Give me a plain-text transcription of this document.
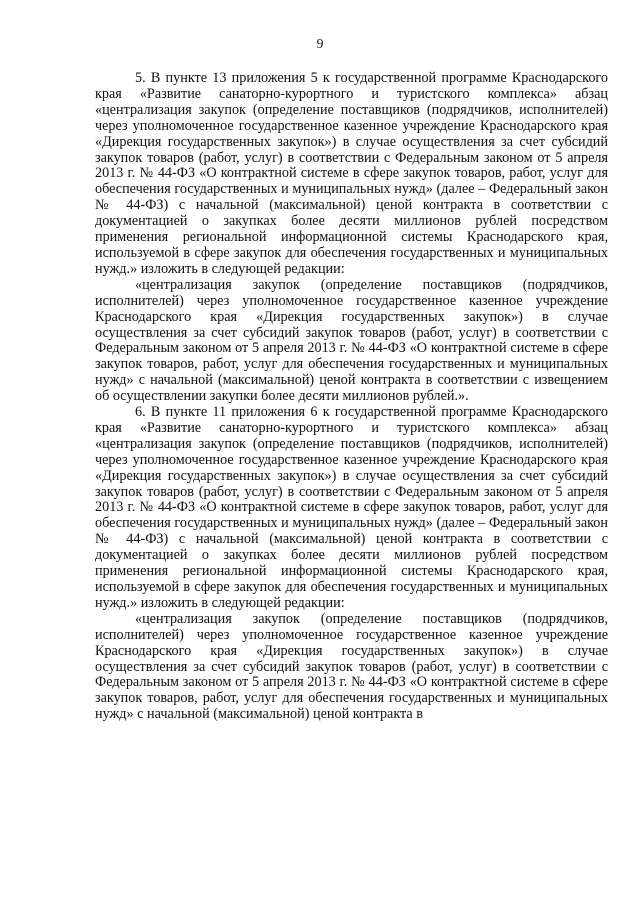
9

5. В пункте 13 приложения 5 к государственной программе Краснодарского края «Развитие санаторно-курортного и туристского комплекса» абзац «централизация закупок (определение поставщиков (подрядчиков, исполнителей) через уполномоченное государственное казенное учреждение Краснодарского края «Дирекция государственных закупок») в случае осуществления за счет субсидий закупок товаров (работ, услуг) в соответствии с Федеральным законом от 5 апреля 2013 г. № 44-ФЗ «О контрактной системе в сфере закупок товаров, работ, услуг для обеспечения государственных и муниципальных нужд» (далее – Федеральный закон № 44-ФЗ) с начальной (максимальной) ценой контракта в соответствии с документацией о закупках более десяти миллионов рублей посредством применения региональной информационной системы Краснодарского края, используемой в сфере закупок для обеспечения государственных и муниципальных нужд.» изложить в следующей редакции:

«централизация закупок (определение поставщиков (подрядчиков, исполнителей) через уполномоченное государственное казенное учреждение Краснодарского края «Дирекция государственных закупок») в случае осуществления за счет субсидий закупок товаров (работ, услуг) в соответствии с Федеральным законом от 5 апреля 2013 г. № 44-ФЗ «О контрактной системе в сфере закупок товаров, работ, услуг для обеспечения государственных и муниципальных нужд» с начальной (максимальной) ценой контракта в соответствии с извещением об осуществлении закупки более десяти миллионов рублей.».

6. В пункте 11 приложения 6 к государственной программе Краснодарского края «Развитие санаторно-курортного и туристского комплекса» абзац «централизация закупок (определение поставщиков (подрядчиков, исполнителей) через уполномоченное государственное казенное учреждение Краснодарского края «Дирекция государственных закупок») в случае осуществления за счет субсидий закупок товаров (работ, услуг) в соответствии с Федеральным законом от 5 апреля 2013 г. № 44-ФЗ «О контрактной системе в сфере закупок товаров, работ, услуг для обеспечения государственных и муниципальных нужд» (далее – Федеральный закон № 44-ФЗ) с начальной (максимальной) ценой контракта в соответствии с документацией о закупках более десяти миллионов рублей посредством применения региональной информационной системы Краснодарского края, используемой в сфере закупок для обеспечения государственных и муниципальных нужд.» изложить в следующей редакции:

«централизация закупок (определение поставщиков (подрядчиков, исполнителей) через уполномоченное государственное казенное учреждение Краснодарского края «Дирекция государственных закупок») в случае осуществления за счет субсидий закупок товаров (работ, услуг) в соответствии с Федеральным законом от 5 апреля 2013 г. № 44-ФЗ «О контрактной системе в сфере закупок товаров, работ, услуг для обеспечения государственных и муниципальных нужд» с начальной (максимальной) ценой контракта в
